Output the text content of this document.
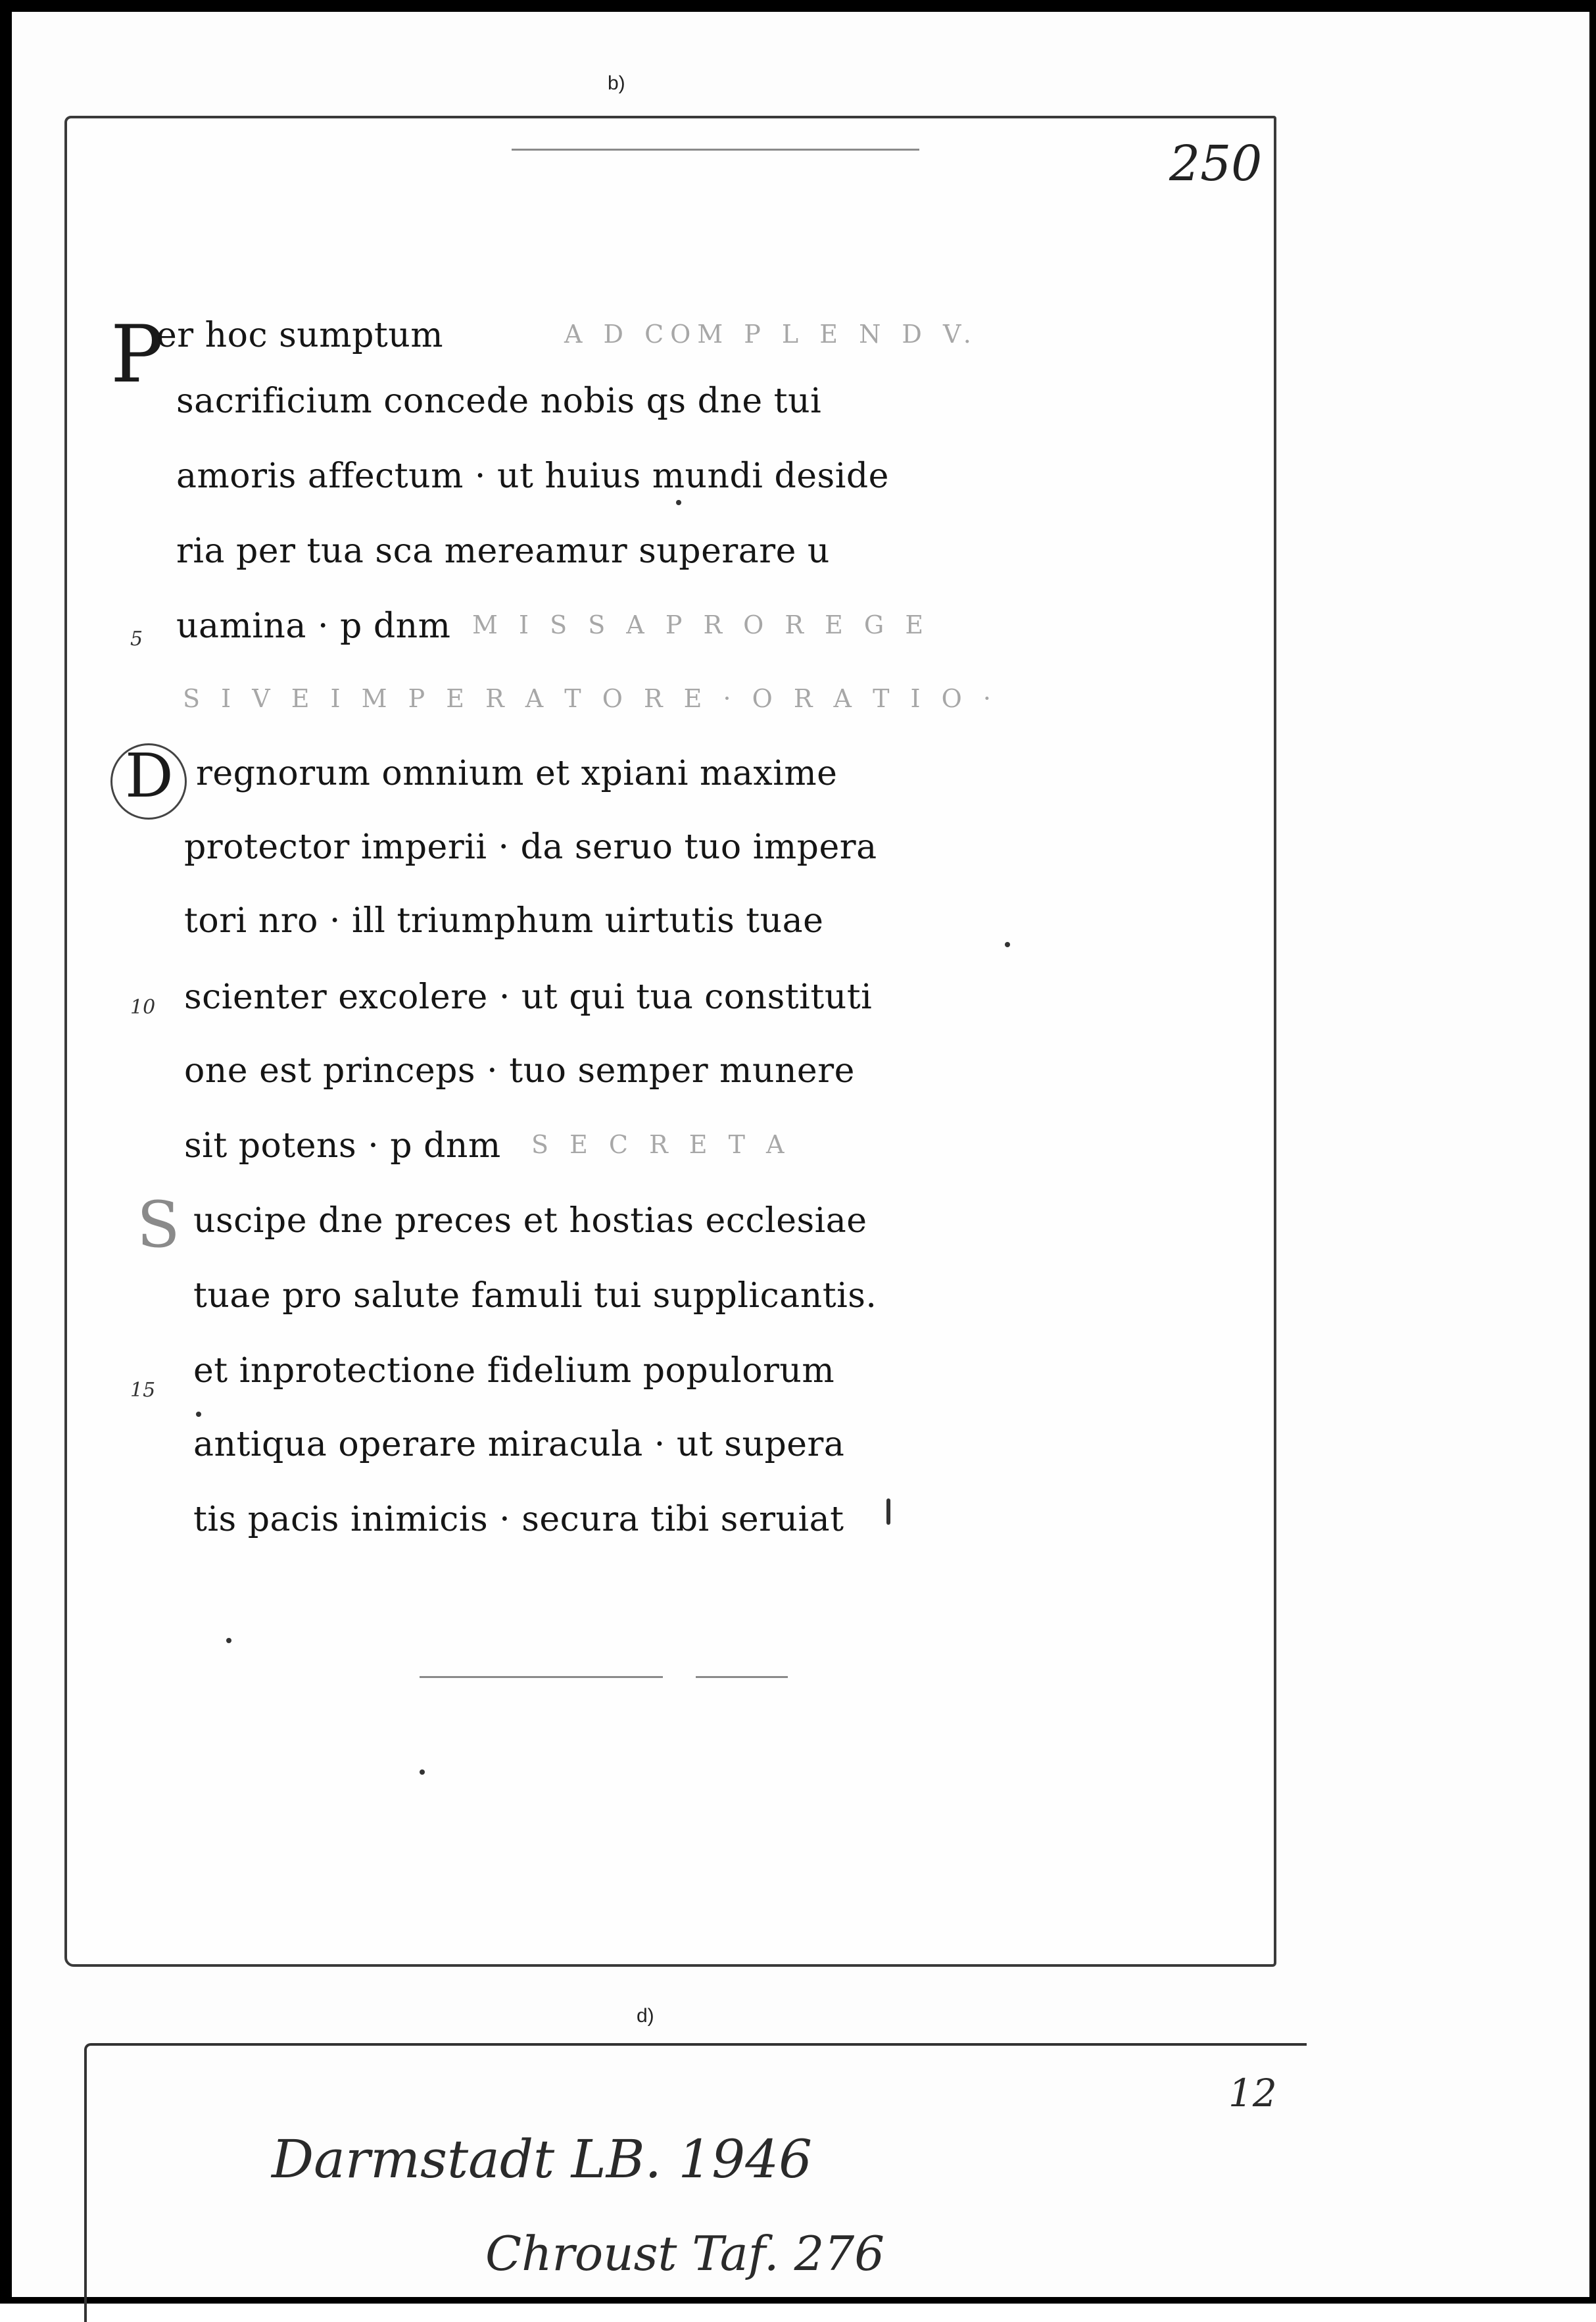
b)
250
P
D
S
er hoc sumptum	A D COM P L E N D V.
sacrificium concede nobis qs dne tui
amoris affectum · ut huius mundi deside
ria per tua sca mereamur superare u
5 uamina · p dnm M I S S A P R O R E G E
S I V E I M P E R A T O R E · O R A T I O ·
regnorum omnium et xpiani maxime
protector imperii · da seruo tuo impera
tori nro · ill triumphum uirtutis tuae
10 scienter excolere · ut qui tua constituti
one est princeps · tuo semper munere
sit potens · p dnm S E C R E T A
uscipe dne preces et hostias ecclesiae
tuae pro salute famuli tui supplicantis.
15 et inprotectione fidelium populorum
antiqua operare miracula · ut supera
tis pacis inimicis · secura tibi seruiat
d)
12
Darmstadt LB. 1946
Chroust Taf. 276
